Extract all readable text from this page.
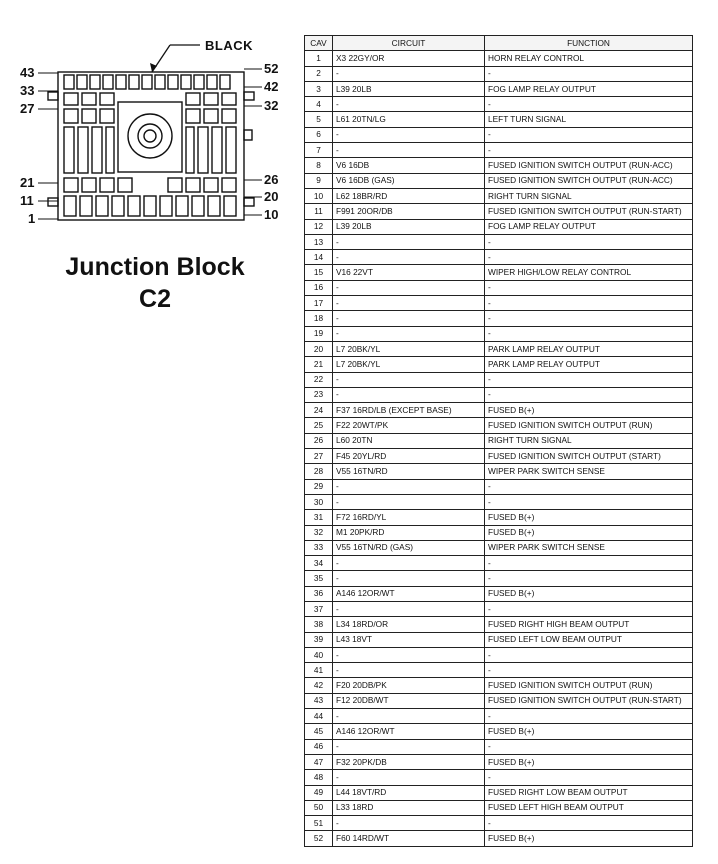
BLACK
43
33
27
21
11
1
52
42
32
26
20
10
Junction Block
C2
CAV	CIRCUIT	FUNCTION
1	X3 22GY/OR	HORN RELAY CONTROL
2	-	-
3	L39 20LB	FOG LAMP RELAY OUTPUT
4	-	-
5	L61 20TN/LG	LEFT TURN SIGNAL
6	-	-
7	-	-
8	V6 16DB	FUSED IGNITION SWITCH OUTPUT (RUN-ACC)
9	V6 16DB (GAS)	FUSED IGNITION SWITCH OUTPUT (RUN-ACC)
10	L62 18BR/RD	RIGHT TURN SIGNAL
11	F991 20OR/DB	FUSED IGNITION SWITCH OUTPUT (RUN-START)
12	L39 20LB	FOG LAMP RELAY OUTPUT
13	-	-
14	-	-
15	V16 22VT	WIPER HIGH/LOW RELAY CONTROL
16	-	-
17	-	-
18	-	-
19	-	-
20	L7 20BK/YL	PARK LAMP RELAY OUTPUT
21	L7 20BK/YL	PARK LAMP RELAY OUTPUT
22	-	-
23	-	-
24	F37 16RD/LB (EXCEPT BASE)	FUSED B(+)
25	F22 20WT/PK	FUSED IGNITION SWITCH OUTPUT (RUN)
26	L60 20TN	RIGHT TURN SIGNAL
27	F45 20YL/RD	FUSED IGNITION SWITCH OUTPUT (START)
28	V55 16TN/RD	WIPER PARK SWITCH SENSE
29	-	-
30	-	-
31	F72 16RD/YL	FUSED B(+)
32	M1 20PK/RD	FUSED B(+)
33	V55 16TN/RD (GAS)	WIPER PARK SWITCH SENSE
34	-	-
35	-	-
36	A146 12OR/WT	FUSED B(+)
37	-	-
38	L34 18RD/OR	FUSED RIGHT HIGH BEAM OUTPUT
39	L43 18VT	FUSED LEFT LOW BEAM OUTPUT
40	-	-
41	-	-
42	F20 20DB/PK	FUSED IGNITION SWITCH OUTPUT (RUN)
43	F12 20DB/WT	FUSED IGNITION SWITCH OUTPUT (RUN-START)
44	-	-
45	A146 12OR/WT	FUSED B(+)
46	-	-
47	F32 20PK/DB	FUSED B(+)
48	-	-
49	L44 18VT/RD	FUSED RIGHT LOW BEAM OUTPUT
50	L33 18RD	FUSED LEFT HIGH BEAM OUTPUT
51	-	-
52	F60 14RD/WT	FUSED B(+)
